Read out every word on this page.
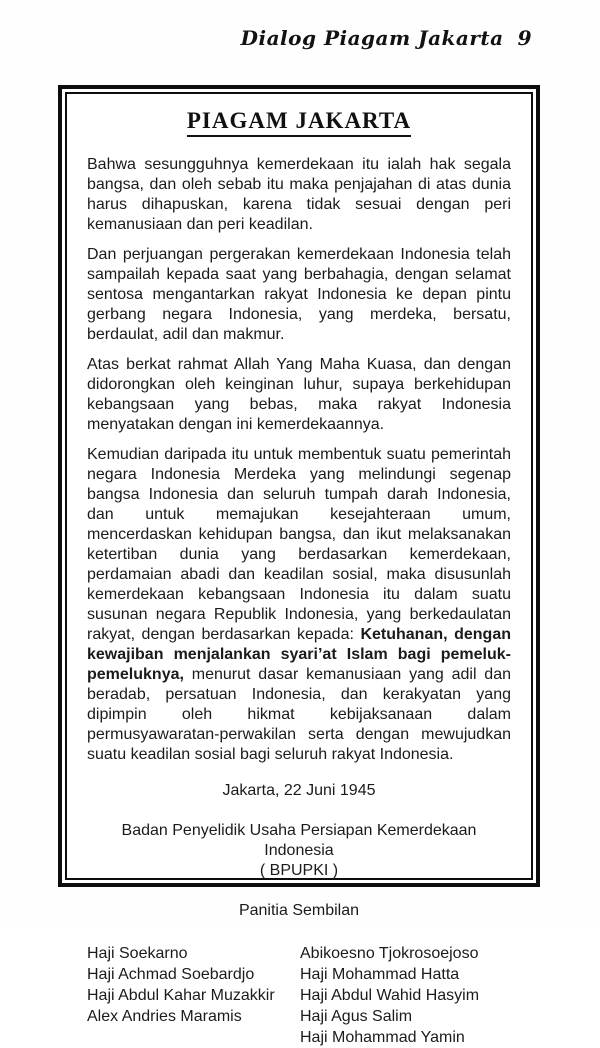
Dialog Piagam Jakarta 9
PIAGAM JAKARTA

Bahwa sesungguhnya kemerdekaan itu ialah hak segala bangsa, dan oleh sebab itu maka penjajahan di atas dunia harus dihapuskan, karena tidak sesuai dengan peri kemanusiaan dan peri keadilan.

Dan perjuangan pergerakan kemerdekaan Indonesia telah sampailah kepada saat yang berbahagia, dengan selamat sentosa mengantarkan rakyat Indonesia ke depan pintu gerbang negara Indonesia, yang merdeka, bersatu, berdaulat, adil dan makmur.

Atas berkat rahmat Allah Yang Maha Kuasa, dan dengan didorongkan oleh keinginan luhur, supaya berkehidupan kebangsaan yang bebas, maka rakyat Indonesia menyatakan dengan ini kemerdekaannya.

Kemudian daripada itu untuk membentuk suatu pemerintah negara Indonesia Merdeka yang melindungi segenap bangsa Indonesia dan seluruh tumpah darah Indonesia, dan untuk memajukan kesejahteraan umum, mencerdaskan kehidupan bangsa, dan ikut melaksanakan ketertiban dunia yang berdasarkan kemerdekaan, perdamaian abadi dan keadilan sosial, maka disusunlah kemerdekaan kebangsaan Indonesia itu dalam suatu susunan negara Republik Indonesia, yang berkedaulatan rakyat, dengan berdasarkan kepada: Ketuhanan, dengan kewajiban menjalankan syari’at Islam bagi pemeluk-pemeluknya, menurut dasar kemanusiaan yang adil dan beradab, persatuan Indonesia, dan kerakyatan yang dipimpin oleh hikmat kebijaksanaan dalam permusyawaratan-perwakilan serta dengan mewujudkan suatu keadilan sosial bagi seluruh rakyat Indonesia.

Jakarta, 22 Juni 1945
Badan Penyelidik Usaha Persiapan Kemerdekaan Indonesia
( BPUPKI )
Panitia Sembilan
Haji Soekarno
Haji Achmad Soebardjo
Haji Abdul Kahar Muzakkir
Alex Andries Maramis
Abikoesno Tjokrosoejoso
Haji Mohammad Hatta
Haji Abdul Wahid Hasyim
Haji Agus Salim
Haji Mohammad Yamin
